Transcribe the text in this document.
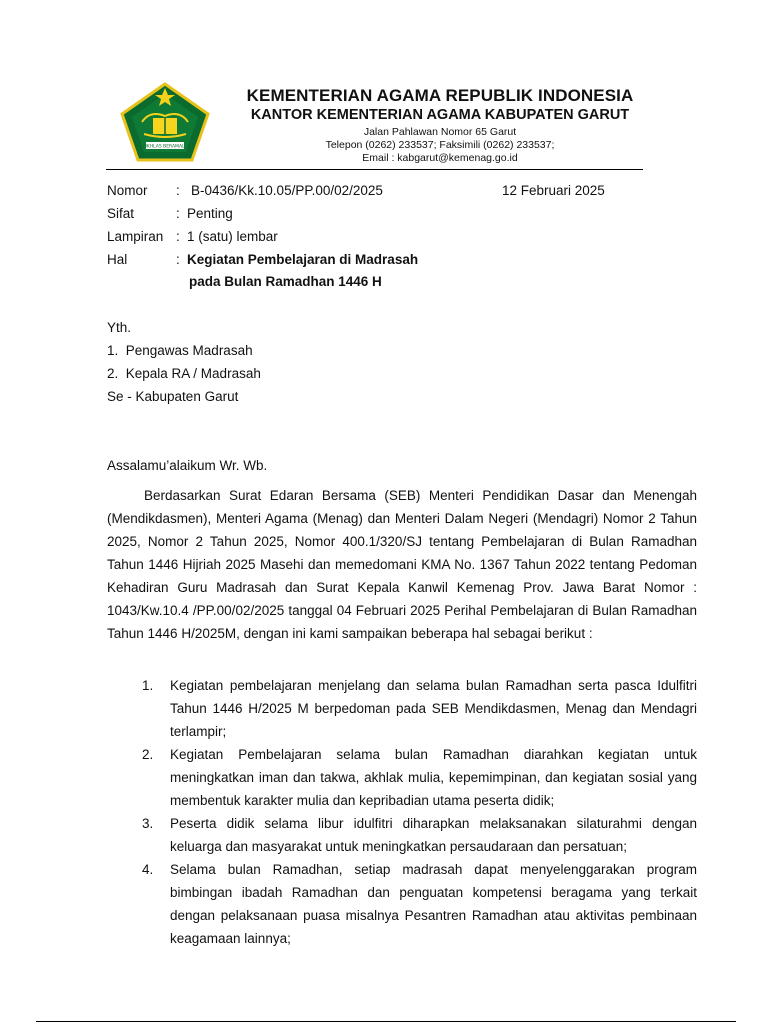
IKHLAS BERAMAL
KEMENTERIAN AGAMA REPUBLIK INDONESIA
KANTOR KEMENTERIAN AGAMA KABUPATEN GARUT
Jalan Pahlawan Nomor 65 Garut
Telepon (0262) 233537; Faksimili (0262) 233537;
Email : kabgarut@kemenag.go.id
Nomor : B-0436/Kk.10.05/PP.00/02/2025	12 Februari 2025
Sifat	: Penting
Lampiran : 1 (satu) lembar
Hal	: Kegiatan Pembelajaran di Madrasah
pada Bulan Ramadhan 1446 H
Yth.
1.  Pengawas Madrasah
2.  Kepala RA / Madrasah
Se - Kabupaten Garut
Assalamu’alaikum Wr. Wb.
Berdasarkan Surat Edaran Bersama (SEB) Menteri Pendidikan Dasar dan Menengah (Mendikdasmen), Menteri Agama (Menag) dan Menteri Dalam Negeri (Mendagri) Nomor 2 Tahun 2025, Nomor 2 Tahun 2025, Nomor 400.1/320/SJ tentang Pembelajaran di Bulan Ramadhan Tahun 1446 Hijriah 2025 Masehi dan memedomani KMA No. 1367 Tahun 2022 tentang Pedoman Kehadiran Guru Madrasah dan Surat Kepala Kanwil Kemenag Prov. Jawa Barat Nomor : 1043/Kw.10.4 /PP.00/02/2025 tanggal 04 Februari 2025 Perihal Pembelajaran di Bulan Ramadhan Tahun 1446 H/2025M, dengan ini kami sampaikan beberapa hal sebagai berikut :
1. Kegiatan pembelajaran menjelang dan selama bulan Ramadhan serta pasca Idulfitri Tahun 1446 H/2025 M berpedoman pada SEB Mendikdasmen, Menag dan Mendagri terlampir;
2. Kegiatan Pembelajaran selama bulan Ramadhan diarahkan kegiatan untuk meningkatkan iman dan takwa, akhlak mulia, kepemimpinan, dan kegiatan sosial yang membentuk karakter mulia dan kepribadian utama peserta didik;
3. Peserta didik selama libur idulfitri diharapkan melaksanakan silaturahmi dengan keluarga dan masyarakat untuk meningkatkan persaudaraan dan persatuan;
4. Selama bulan Ramadhan, setiap madrasah dapat menyelenggarakan program bimbingan ibadah Ramadhan dan penguatan kompetensi beragama yang terkait dengan pelaksanaan puasa misalnya Pesantren Ramadhan atau aktivitas pembinaan keagamaan lainnya;
